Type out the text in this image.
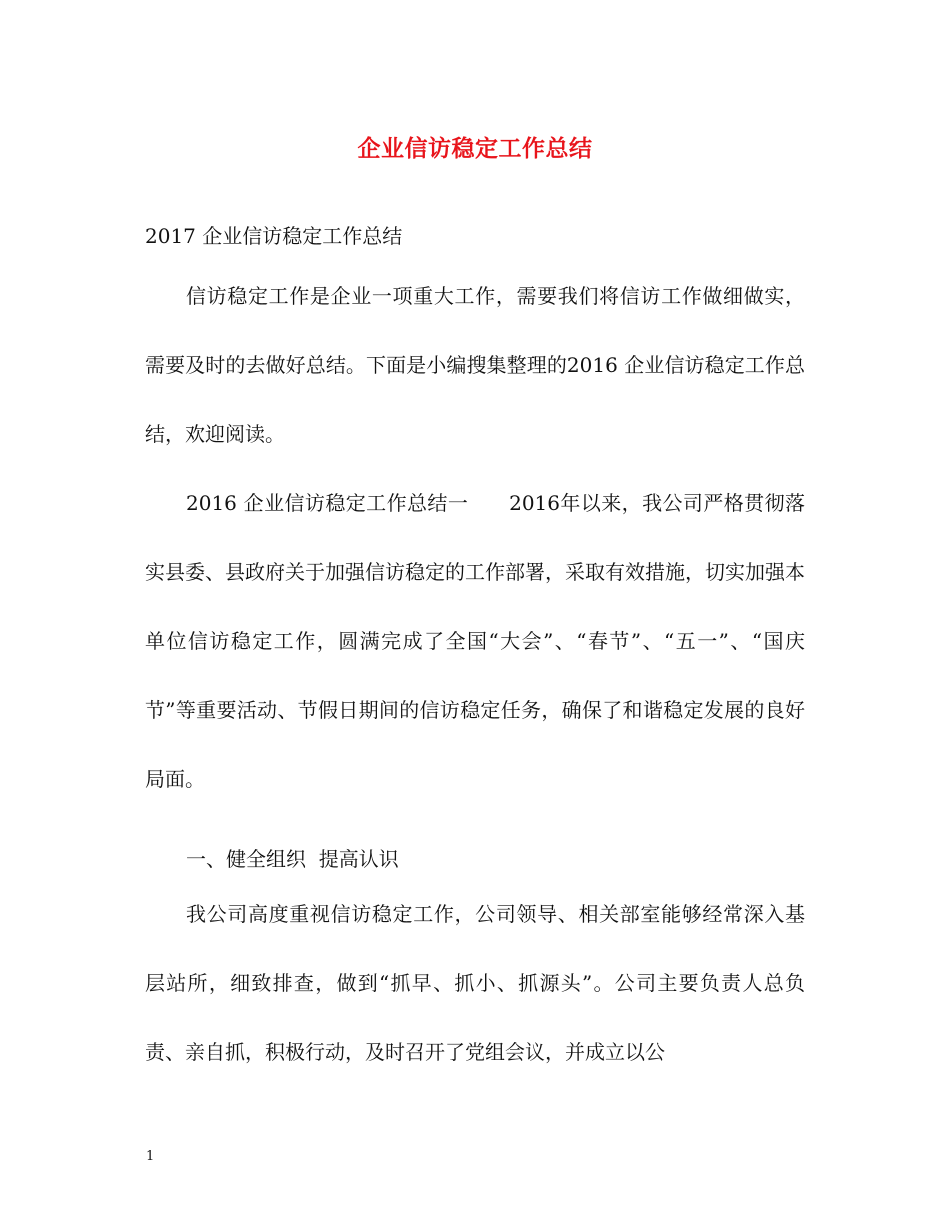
企业信访稳定工作总结
2017 企业信访稳定工作总结

信访稳定工作是企业一项重大工作，需要我们将信访工作做细做实，需要及时的去做好总结。下面是小编搜集整理的2016 企业信访稳定工作总结，欢迎阅读。

2016 企业信访稳定工作总结一　　2016年以来，我公司严格贯彻落实县委、县政府关于加强信访稳定的工作部署，采取有效措施，切实加强本单位信访稳定工作，圆满完成了全国“大会”、“春节”、“五一”、“国庆节”等重要活动、节假日期间的信访稳定任务，确保了和谐稳定发展的良好局面。

一、健全组织  提高认识

我公司高度重视信访稳定工作，公司领导、相关部室能够经常深入基层站所，细致排查，做到“抓早、抓小、抓源头”。公司主要负责人总负责、亲自抓，积极行动，及时召开了党组会议，并成立以公

1
